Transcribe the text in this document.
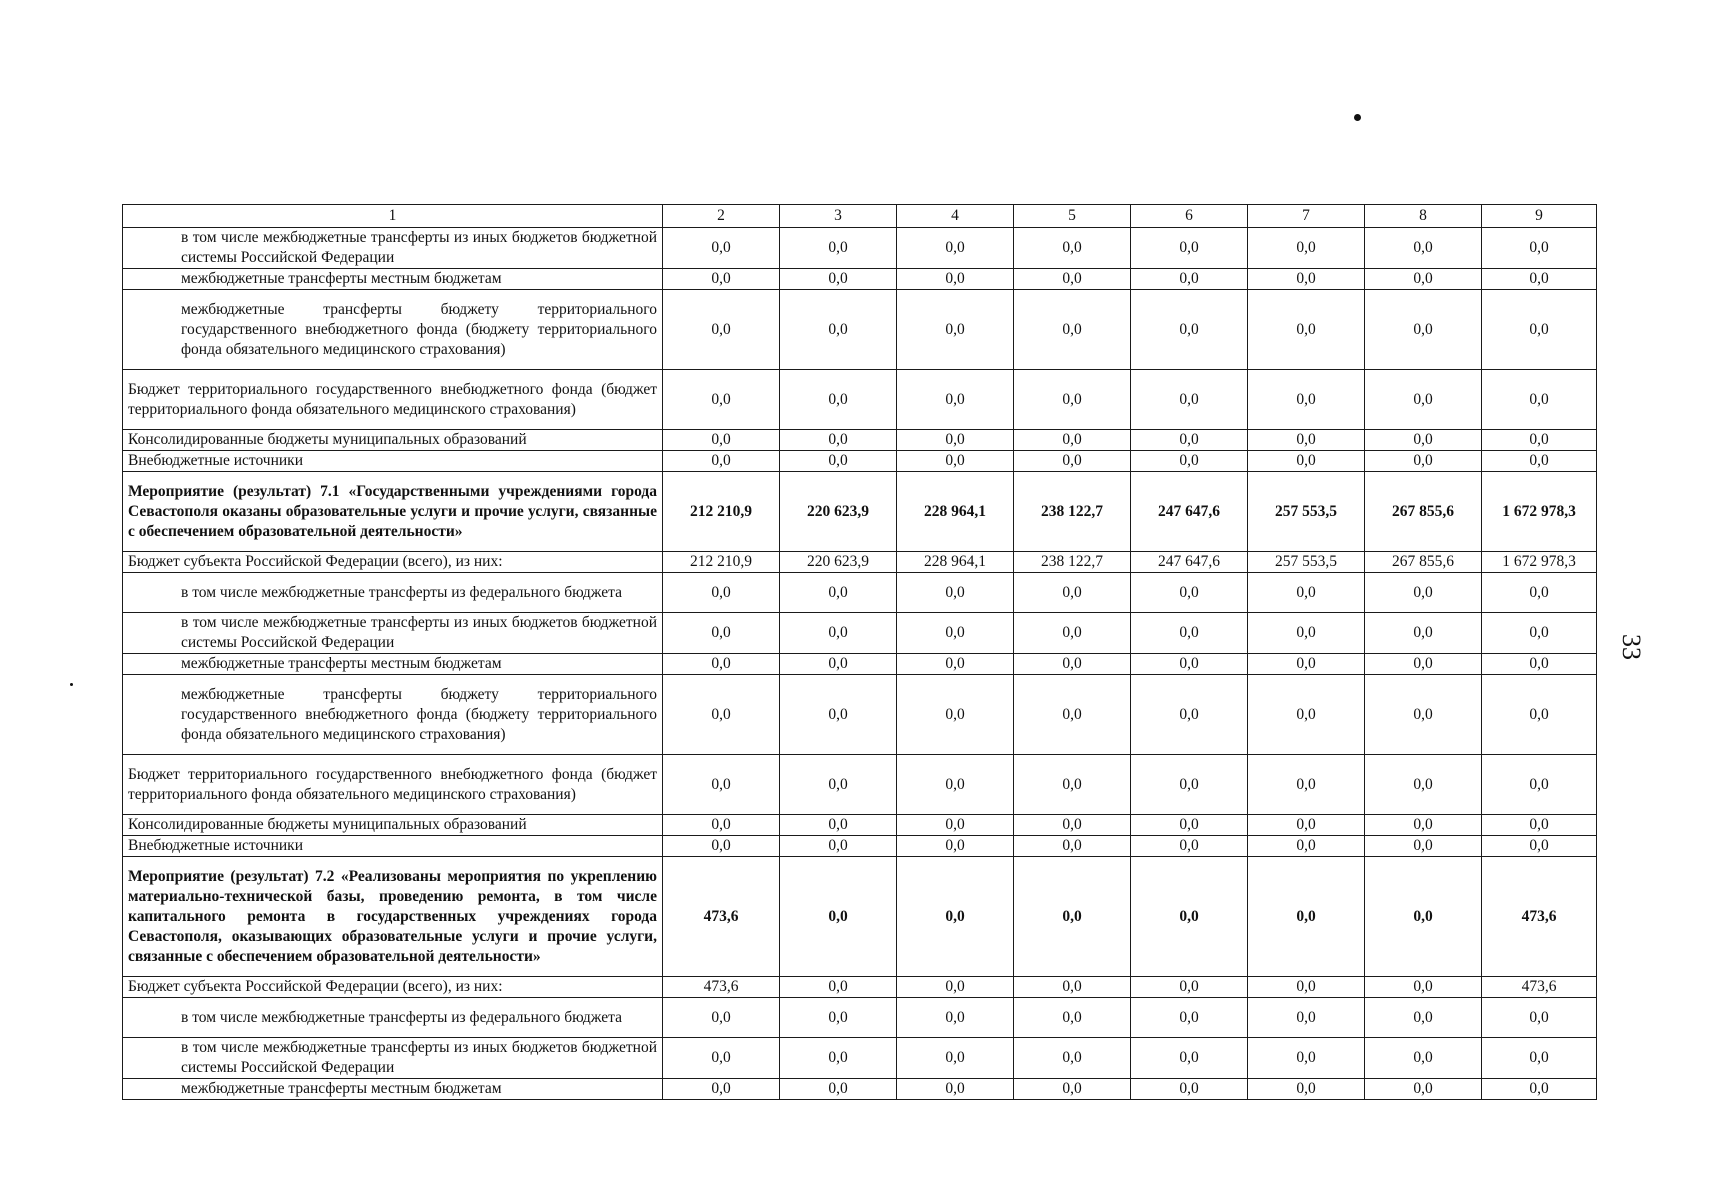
1	2	3	4	5	6	7	8	9
в том числе межбюджетные трансферты из иных бюджетов бюджетной системы Российской Федерации	0,0	0,0	0,0	0,0	0,0	0,0	0,0	0,0
межбюджетные трансферты местным бюджетам	0,0	0,0	0,0	0,0	0,0	0,0	0,0	0,0
межбюджетные трансферты бюджету территориального государственного внебюджетного фонда (бюджету территориального фонда обязательного медицинского страхования)	0,0	0,0	0,0	0,0	0,0	0,0	0,0	0,0
Бюджет территориального государственного внебюджетного фонда (бюджет территориального фонда обязательного медицинского страхования)	0,0	0,0	0,0	0,0	0,0	0,0	0,0	0,0
Консолидированные бюджеты муниципальных образований	0,0	0,0	0,0	0,0	0,0	0,0	0,0	0,0
Внебюджетные источники	0,0	0,0	0,0	0,0	0,0	0,0	0,0	0,0
Мероприятие (результат) 7.1 «Государственными учреждениями города Севастополя оказаны образовательные услуги и прочие услуги, связанные с обеспечением образовательной деятельности»	212 210,9	220 623,9	228 964,1	238 122,7	247 647,6	257 553,5	267 855,6	1 672 978,3
Бюджет субъекта Российской Федерации (всего), из них:	212 210,9	220 623,9	228 964,1	238 122,7	247 647,6	257 553,5	267 855,6	1 672 978,3
в том числе межбюджетные трансферты из федерального бюджета	0,0	0,0	0,0	0,0	0,0	0,0	0,0	0,0
в том числе межбюджетные трансферты из иных бюджетов бюджетной системы Российской Федерации	0,0	0,0	0,0	0,0	0,0	0,0	0,0	0,0
межбюджетные трансферты местным бюджетам	0,0	0,0	0,0	0,0	0,0	0,0	0,0	0,0
межбюджетные трансферты бюджету территориального государственного внебюджетного фонда (бюджету территориального фонда обязательного медицинского страхования)	0,0	0,0	0,0	0,0	0,0	0,0	0,0	0,0
Бюджет территориального государственного внебюджетного фонда (бюджет территориального фонда обязательного медицинского страхования)	0,0	0,0	0,0	0,0	0,0	0,0	0,0	0,0
Консолидированные бюджеты муниципальных образований	0,0	0,0	0,0	0,0	0,0	0,0	0,0	0,0
Внебюджетные источники	0,0	0,0	0,0	0,0	0,0	0,0	0,0	0,0
Мероприятие (результат) 7.2 «Реализованы мероприятия по укреплению материально-технической базы, проведению ремонта, в том числе капитального ремонта в государственных учреждениях города Севастополя, оказывающих образовательные услуги и прочие услуги, связанные с обеспечением образовательной деятельности»	473,6	0,0	0,0	0,0	0,0	0,0	0,0	473,6
Бюджет субъекта Российской Федерации (всего), из них:	473,6	0,0	0,0	0,0	0,0	0,0	0,0	473,6
в том числе межбюджетные трансферты из федерального бюджета	0,0	0,0	0,0	0,0	0,0	0,0	0,0	0,0
в том числе межбюджетные трансферты из иных бюджетов бюджетной системы Российской Федерации	0,0	0,0	0,0	0,0	0,0	0,0	0,0	0,0
межбюджетные трансферты местным бюджетам	0,0	0,0	0,0	0,0	0,0	0,0	0,0	0,0
33
